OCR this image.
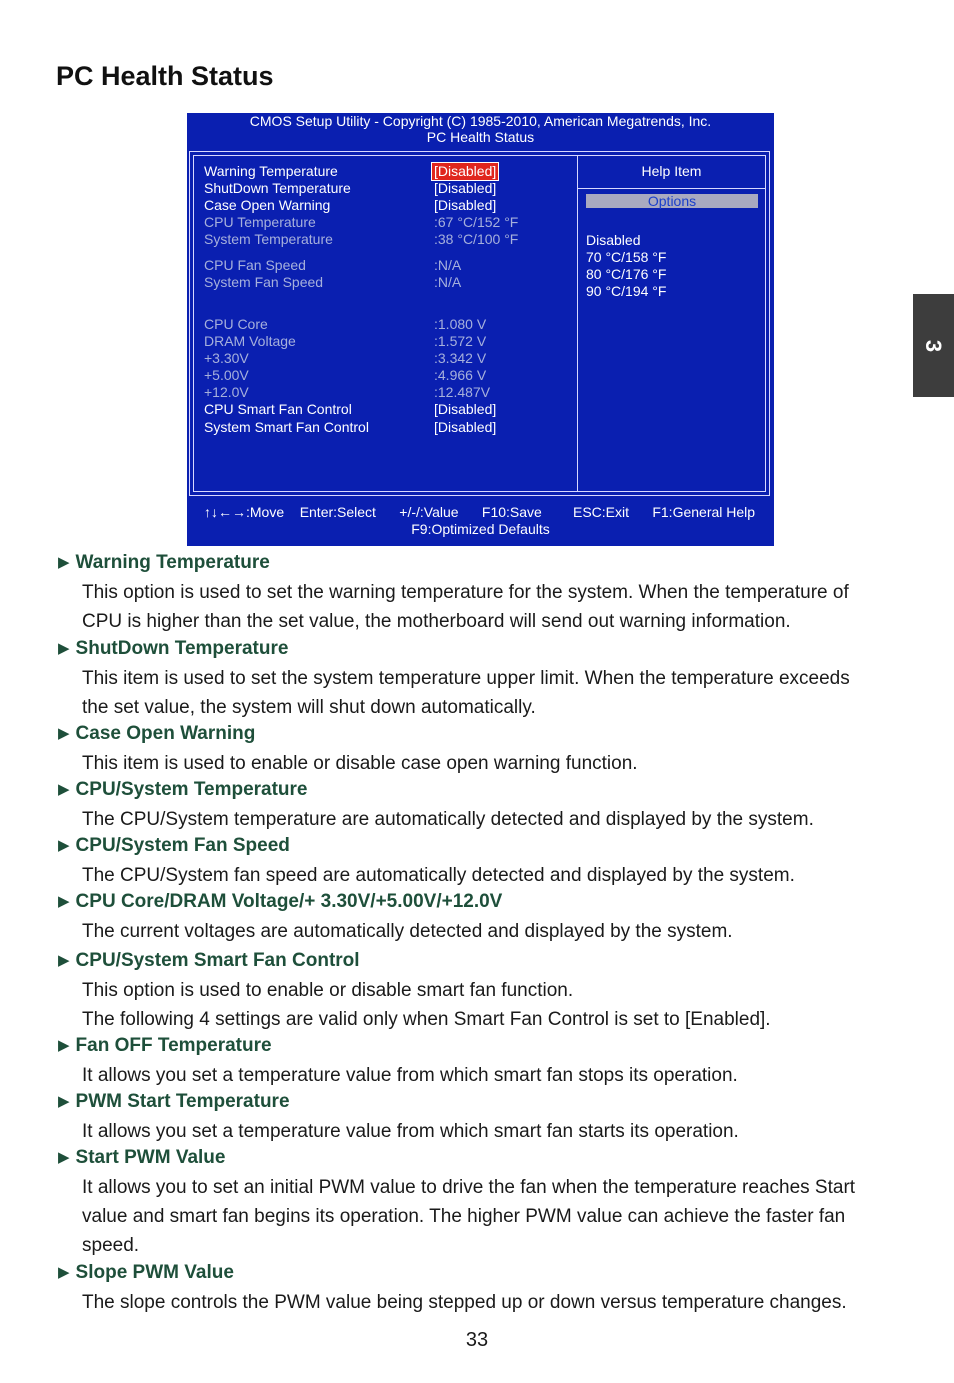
PC Health Status
3
CMOS Setup Utility - Copyright (C) 1985-2010, American Megatrends, Inc.
PC Health Status
Warning Temperature	[Disabled]
ShutDown Temperature	[Disabled]
Case Open Warning	[Disabled]
CPU Temperature	:67 °C/152 °F
System Temperature	:38 °C/100 °F
CPU Fan Speed	:N/A
System Fan Speed	:N/A
CPU Core	:1.080 V
DRAM Voltage	:1.572 V
+3.30V	:3.342 V
+5.00V	:4.966 V
+12.0V	:12.487V
CPU Smart Fan Control	[Disabled]
System Smart Fan Control	[Disabled]
Help Item
Options
Disabled
70 °C/158 °F
80 °C/176 °F
90 °C/194 °F
↑↓←→:Move Enter:Select +/-/:Value F10:Save ESC:Exit F1:General Help
F9:Optimized Defaults
▶ Warning Temperature
This option is used to set the warning temperature for the system. When the temperature of
CPU is higher than the set value, the motherboard will send out warning information.
▶ ShutDown Temperature
This item is used to set the system temperature upper limit. When the temperature exceeds
the set value, the system will shut down automatically.
▶ Case Open Warning
This item is used to enable or disable case open warning function.
▶ CPU/System Temperature
The CPU/System temperature are automatically detected and displayed by the system.
▶ CPU/System Fan Speed
The CPU/System fan speed are automatically detected and displayed by the system.
▶ CPU Core/DRAM Voltage/+ 3.30V/+5.00V/+12.0V
The current voltages are automatically detected and displayed by the system.
▶ CPU/System Smart Fan Control
This option is used to enable or disable smart fan function.
The following 4 settings are valid only when Smart Fan Control is set to [Enabled].
▶ Fan OFF Temperature
It allows you set a temperature value from which smart fan stops its operation.
▶ PWM Start Temperature
It allows you set a temperature value from which smart fan starts its operation.
▶ Start PWM Value
It allows you to set an initial PWM value to drive the fan when the temperature reaches Start
value and smart fan begins its operation. The higher PWM value can achieve the faster fan
speed.
▶ Slope PWM Value
The slope controls the PWM value being stepped up or down versus temperature changes.
33
